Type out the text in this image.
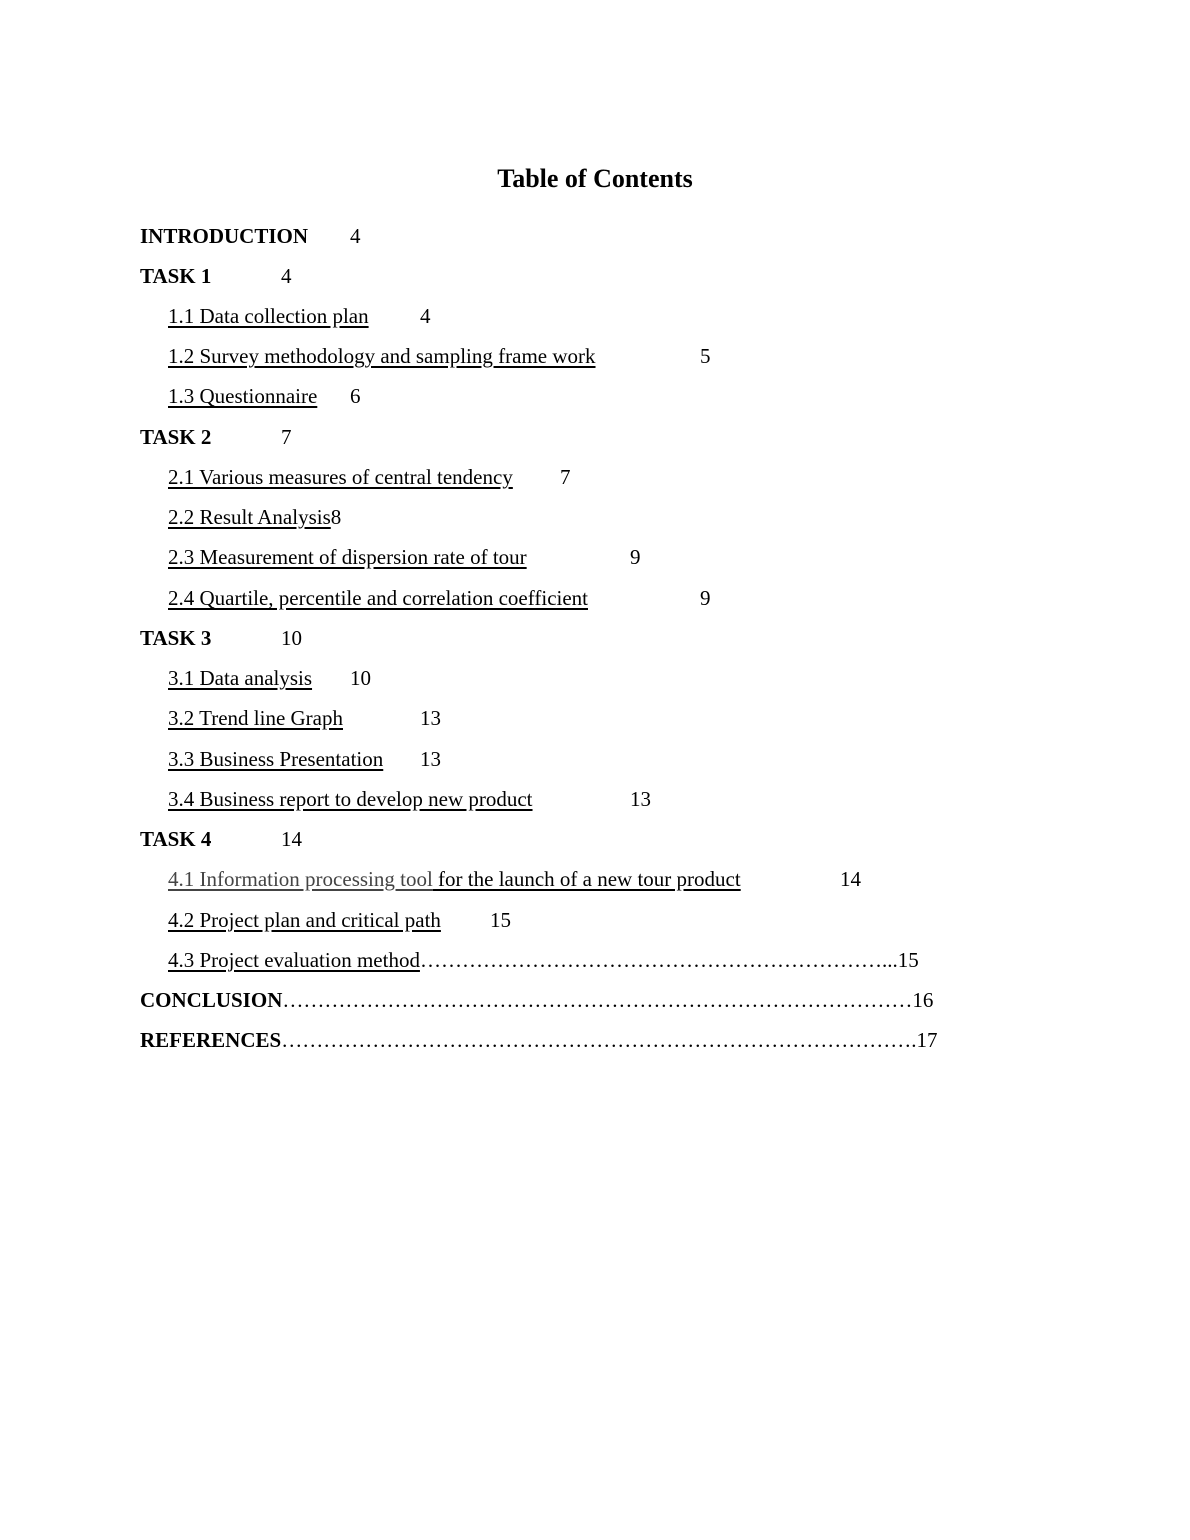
Table of Contents
INTRODUCTION 4
TASK 1	4
1.1 Data collection plan 4
1.2 Survey methodology and sampling frame work	5
1.3 Questionnaire 6
TASK 2	7
2.1 Various measures of central tendency 7
2.2 Result Analysis8
2.3 Measurement of dispersion rate of tour	9
2.4 Quartile, percentile and correlation coefficient	9
TASK 3	10
3.1 Data analysis 10
3.2 Trend line Graph	13
3.3 Business Presentation 13
3.4 Business report to develop new product	13
TASK 4	14
4.1 Information processing tool for the launch of a new tour product	14
4.2 Project plan and critical path 15
4.3 Project evaluation method…………………………………………………………...15
CONCLUSION………………………………………………………………………………16
REFERENCES……………………………………………………………………………….17
